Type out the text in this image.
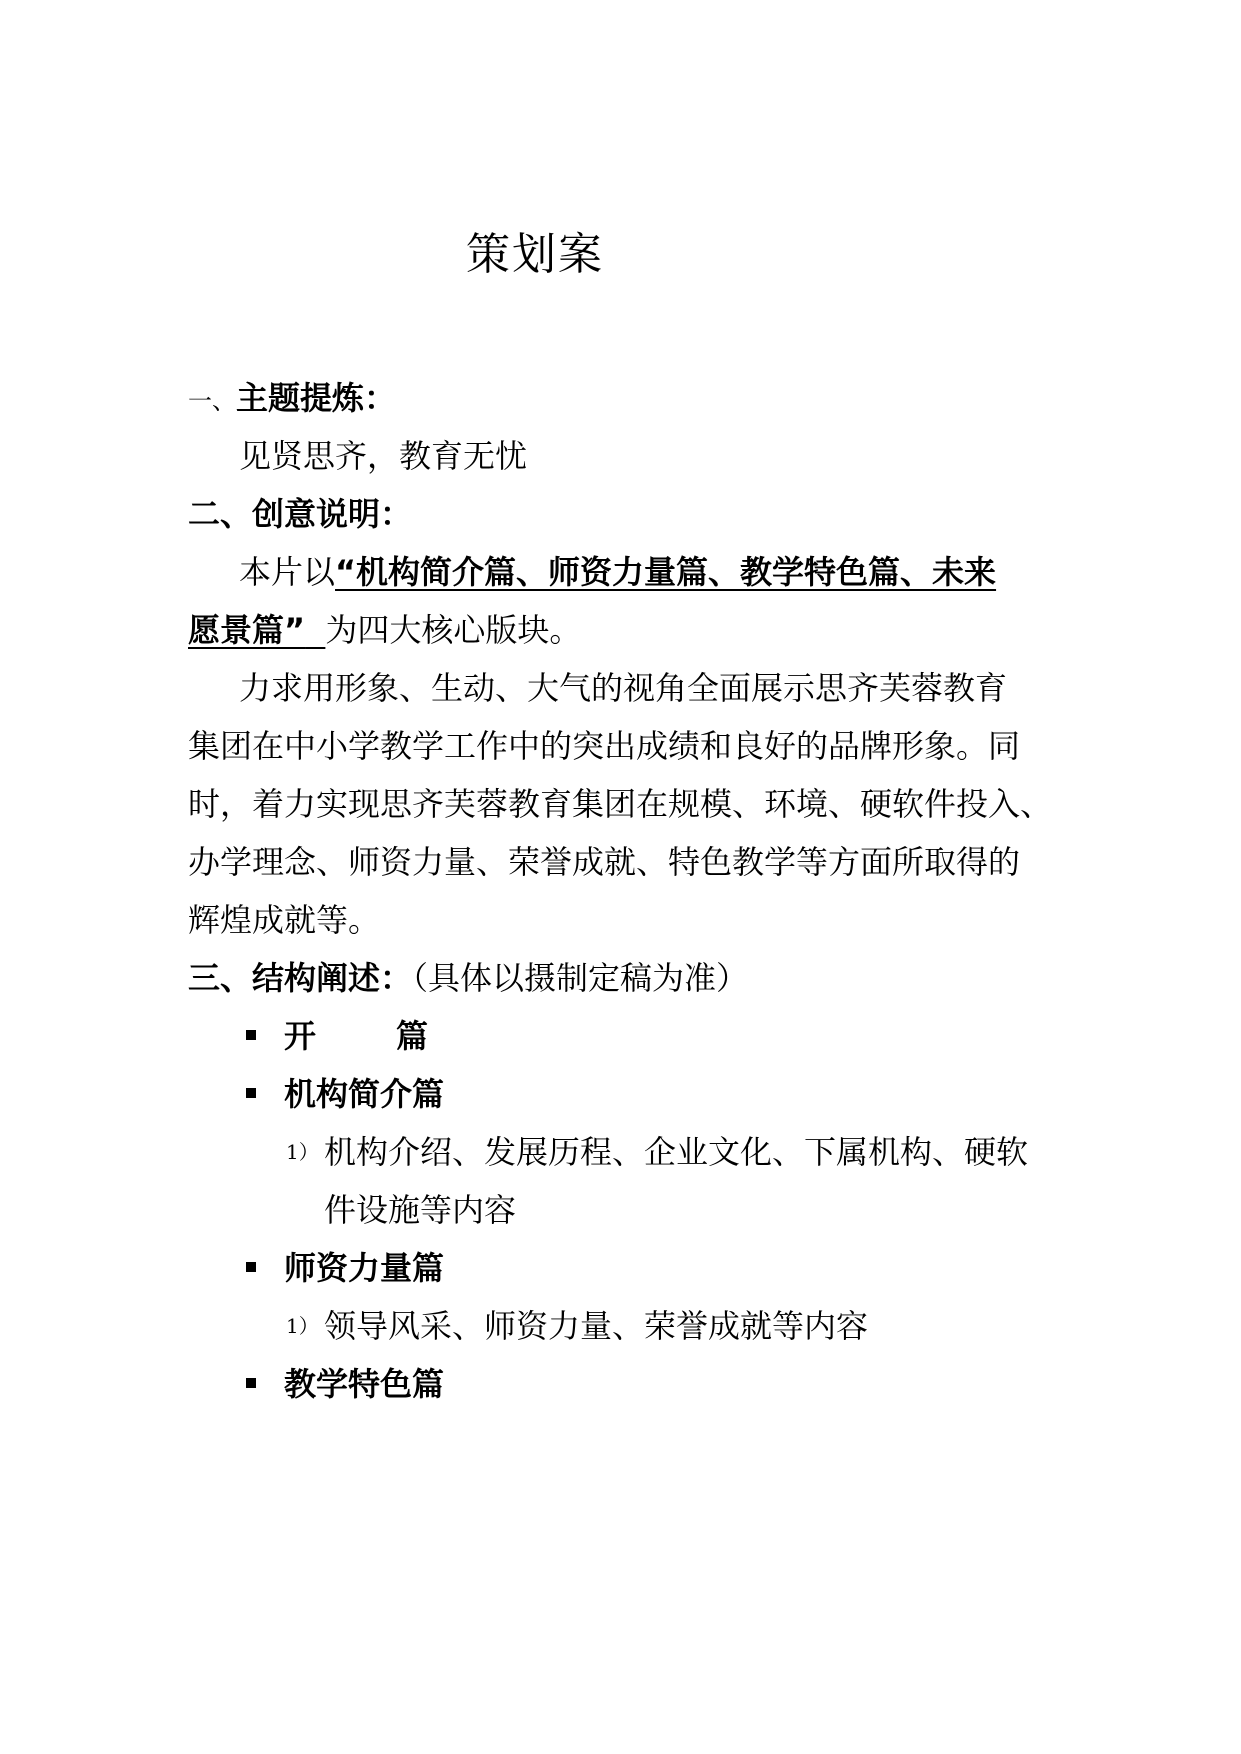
策划案
一、主题提炼：
见贤思齐，教育无忧
二、创意说明：
本片以“机构简介篇、师资力量篇、教学特色篇、未来
愿景篇” 为四大核心版块。
力求用形象、生动、大气的视角全面展示思齐芙蓉教育
集团在中小学教学工作中的突出成绩和良好的品牌形象。同
时，着力实现思齐芙蓉教育集团在规模、环境、硬软件投入、
办学理念、师资力量、荣誉成就、特色教学等方面所取得的
辉煌成就等。
三、结构阐述：（具体以摄制定稿为准）
开	篇
机构简介篇
1） 机构介绍、发展历程、企业文化、下属机构、硬软
件设施等内容
师资力量篇
1） 领导风采、师资力量、荣誉成就等内容
教学特色篇
